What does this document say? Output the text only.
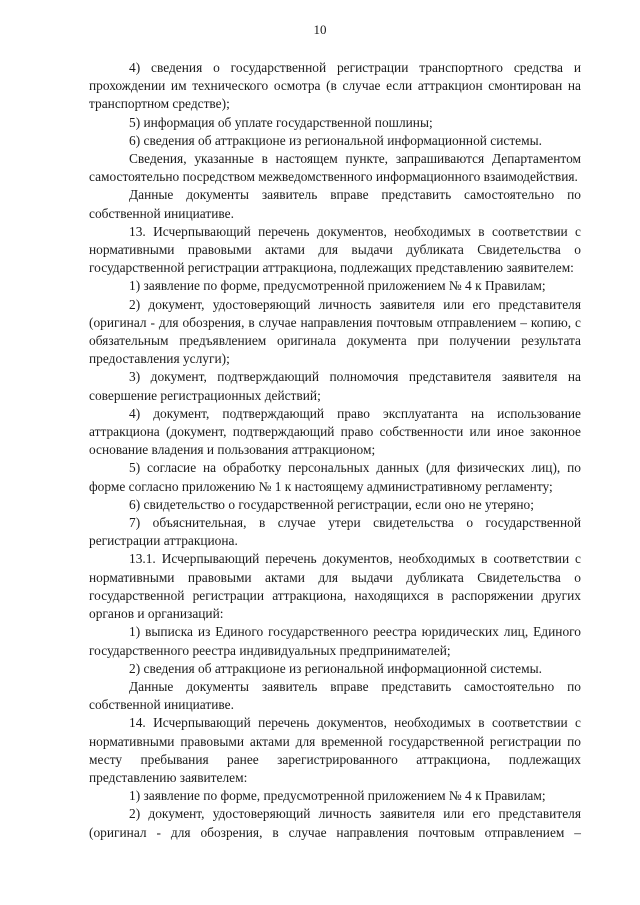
10

4) сведения о государственной регистрации транспортного средства и прохождении им технического осмотра (в случае если аттракцион смонтирован на транспортном средстве);

5) информация об уплате государственной пошлины;

6) сведения об аттракционе из региональной информационной системы.

Сведения, указанные в настоящем пункте, запрашиваются Департаментом самостоятельно посредством межведомственного информационного взаимодействия.

Данные документы заявитель вправе представить самостоятельно по собственной инициативе.

13. Исчерпывающий перечень документов, необходимых в соответствии с нормативными правовыми актами для выдачи дубликата Свидетельства о государственной регистрации аттракциона, подлежащих представлению заявителем:

1) заявление по форме, предусмотренной приложением № 4 к Правилам;

2) документ, удостоверяющий личность заявителя или его представителя (оригинал - для обозрения, в случае направления почтовым отправлением – копию, с обязательным предъявлением оригинала документа при получении результата предоставления услуги);

3) документ, подтверждающий полномочия представителя заявителя на совершение регистрационных действий;

4) документ, подтверждающий право эксплуатанта на использование аттракциона (документ, подтверждающий право собственности или иное законное основание владения и пользования аттракционом;

5) согласие на обработку персональных данных (для физических лиц), по форме согласно приложению № 1 к настоящему административному регламенту;

6) свидетельство о государственной регистрации, если оно не утеряно;

7) объяснительная, в случае утери свидетельства о государственной регистрации аттракциона.

13.1. Исчерпывающий перечень документов, необходимых в соответствии с нормативными правовыми актами для выдачи дубликата Свидетельства о государственной регистрации аттракциона, находящихся в распоряжении других органов и организаций:

1) выписка из Единого государственного реестра юридических лиц, Единого государственного реестра индивидуальных предпринимателей;

2) сведения об аттракционе из региональной информационной системы.

Данные документы заявитель вправе представить самостоятельно по собственной инициативе.

14. Исчерпывающий перечень документов, необходимых в соответствии с нормативными правовыми актами для временной государственной регистрации по месту пребывания ранее зарегистрированного аттракциона, подлежащих представлению заявителем:

1) заявление по форме, предусмотренной приложением № 4 к Правилам;

2) документ, удостоверяющий личность заявителя или его представителя (оригинал - для обозрения, в случае направления почтовым отправлением –
